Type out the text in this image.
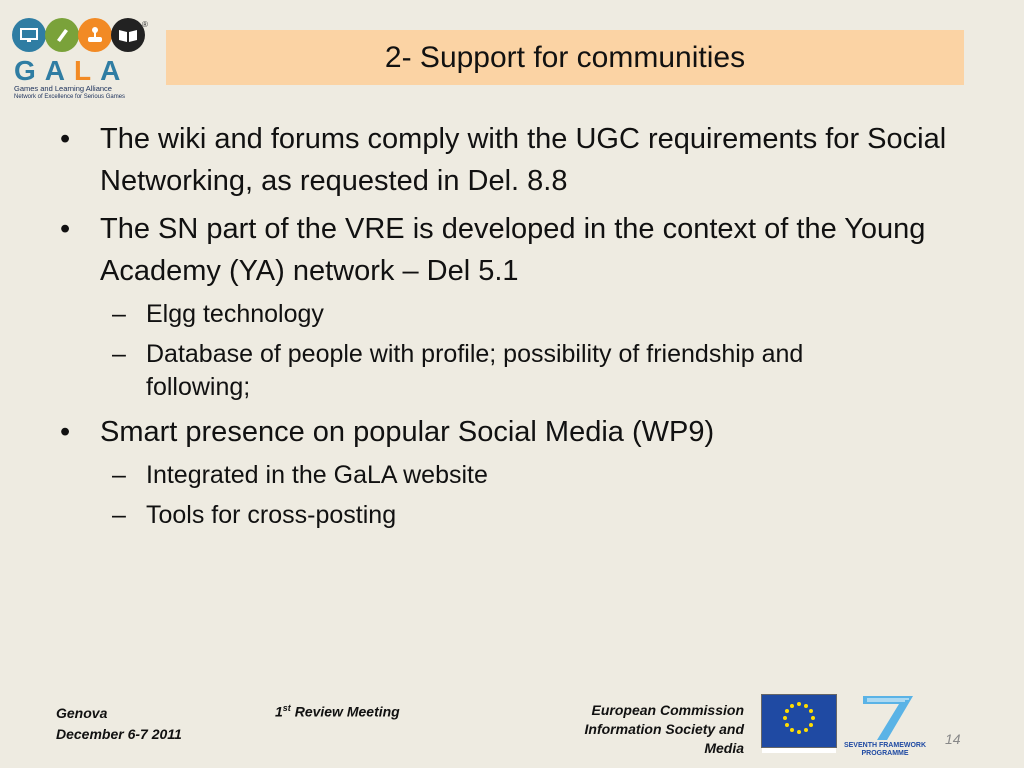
®
GALA
Games and Learning Alliance
Network of Excellence for Serious Games
2- Support for communities
• The wiki and forums comply with the UGC requirements for Social Networking, as requested in Del. 8.8
• The SN part of the VRE is developed in the context of the Young Academy (YA) network – Del 5.1
– Elgg technology
– Database of people with profile; possibility of friendship and following;
• Smart presence on popular Social Media (WP9)
– Integrated in the GaLA website
– Tools for cross-posting
Genova
December 6-7 2011
1st Review Meeting	European Commission
Information Society and
Media	SEVENTH FRAMEWORK
PROGRAMME
14
